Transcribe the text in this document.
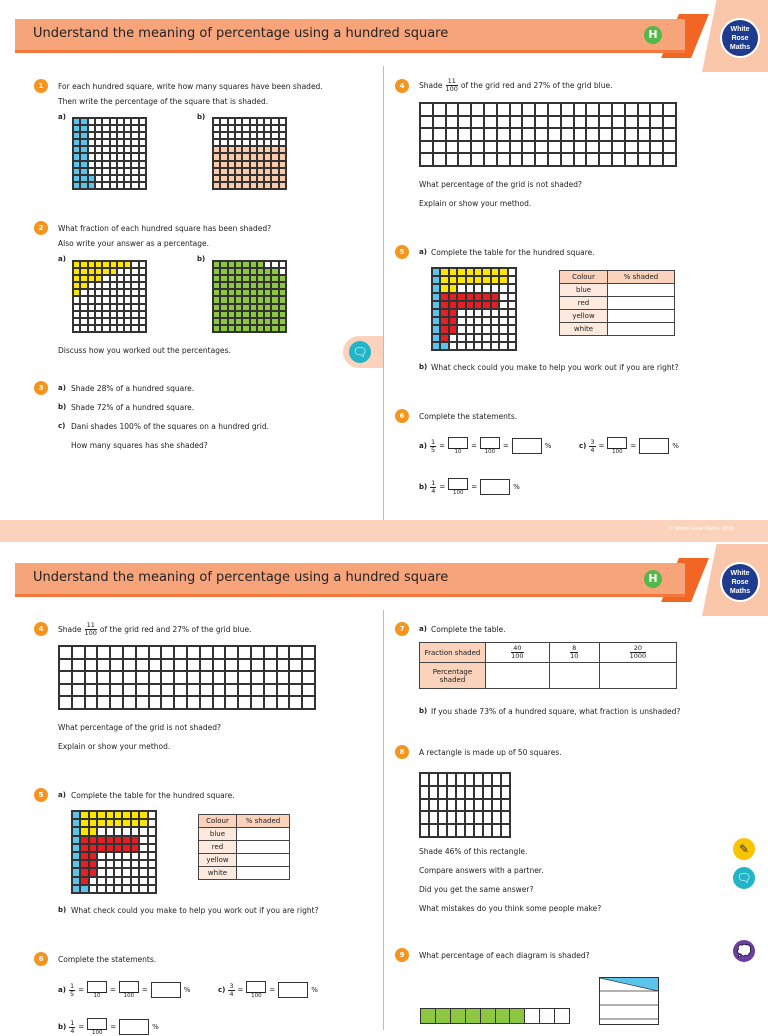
Understand the meaning of percentage using a hundred square	H	White
Rose
Maths
1	For each hundred square, write how many squares have been shaded.
Then write the percentage of the square that is shaded.
a)	b)
2	What fraction of each hundred square has been shaded?
Also write your answer as a percentage.
a)	b)
Discuss how you worked out the percentages.
3	a) Shade 28% of a hundred square.
b) Shade 72% of a hundred square.
c) Dani shades 100% of the squares on a hundred grid.
How many squares has she shaded?
🗨
4	Shade $\frac{11}{100}$ of the grid red and 27% of the grid blue.
What percentage of the grid is not shaded?
Explain or show your method.
5	a) Complete the table for the hundred square.
Colour	% shaded
blue	
red	
yellow	
white	
b) What check could you make to help you work out if you are right?
6	Complete the statements.
$a) \frac{1}{5}$ =
10
=
100
=	%	$c) \frac{3}{4}$ =
100
=	%
$b) \frac{1}{4}$ =
100
=	%
© White Rose Maths 2019
Understand the meaning of percentage using a hundred square	H	White
Rose
Maths
4	Shade $\frac{11}{100}$ of the grid red and 27% of the grid blue.
What percentage of the grid is not shaded?
Explain or show your method.
5	a) Complete the table for the hundred square.
Colour	% shaded
blue	
red	
yellow	
white	
b) What check could you make to help you work out if you are right?
6	Complete the statements.
$a) \frac{1}{5}$ =
10
=
100
=	%	$c) \frac{3}{4}$ =
100
=	%
$b) \frac{1}{4}$ =
100
=	%
7	a) Complete the table.
Fraction shaded	$\frac{40}{100}$	$\frac{8}{10}$	$\frac{20}{1000}$

Percentage shaded			
b) If you shade 73% of a hundred square, what fraction is unshaded?
8	A rectangle is made up of 50 squares.
Shade 46% of this rectangle.
Compare answers with a partner.
Did you get the same answer?
What mistakes do you think some people make?
9	What percentage of each diagram is shaded?
✎
🗨
💭
